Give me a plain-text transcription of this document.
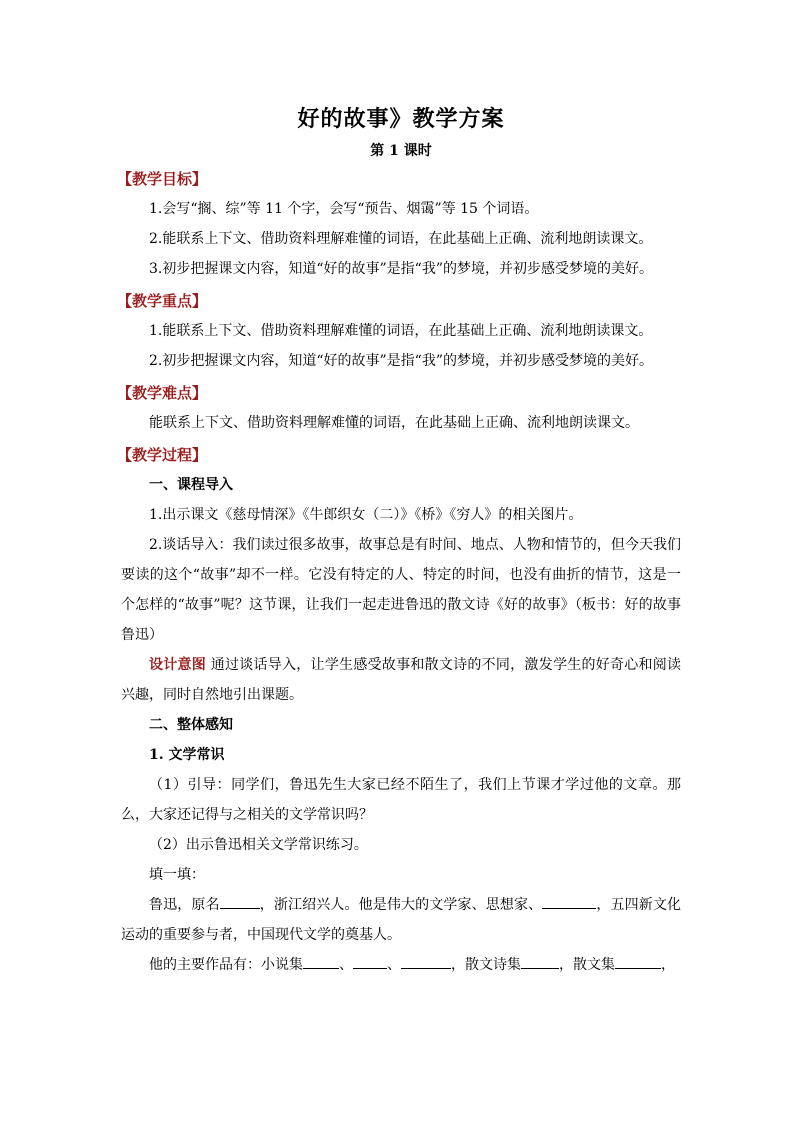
好的故事》教学方案
第 1 课时
【教学目标】

1.会写“搁、综”等 11 个字，会写“预告、烟霭”等 15 个词语。

2.能联系上下文、借助资料理解难懂的词语，在此基础上正确、流利地朗读课文。

3.初步把握课文内容，知道“好的故事”是指“我”的梦境，并初步感受梦境的美好。

【教学重点】

1.能联系上下文、借助资料理解难懂的词语，在此基础上正确、流利地朗读课文。

2.初步把握课文内容，知道“好的故事”是指“我”的梦境，并初步感受梦境的美好。

【教学难点】

能联系上下文、借助资料理解难懂的词语，在此基础上正确、流利地朗读课文。

【教学过程】
一、课程导入

1.出示课文《慈母情深》《牛郎织女（二）》《桥》《穷人》的相关图片。

2.谈话导入：我们读过很多故事，故事总是有时间、地点、人物和情节的，但今天我们要读的这个“故事”却不一样。它没有特定的人、特定的时间，也没有曲折的情节，这是一个怎样的“故事”呢？这节课，让我们一起走进鲁迅的散文诗《好的故事》（板书：好的故事 鲁迅）

设计意图 通过谈话导入，让学生感受故事和散文诗的不同，激发学生的好奇心和阅读兴趣，同时自然地引出课题。

二、整体感知
1. 文学常识

（1）引导：同学们，鲁迅先生大家已经不陌生了，我们上节课才学过他的文章。那么，大家还记得与之相关的文学常识吗？

（2）出示鲁迅相关文学常识练习。

填一填：

鲁迅，原名	，浙江绍兴人。他是伟大的文学家、思想家、	，五四新文化运动的重要参与者，中国现代文学的奠基人。

他的主要作品有：小说集	、 、	，散文诗集	，散文集	，
